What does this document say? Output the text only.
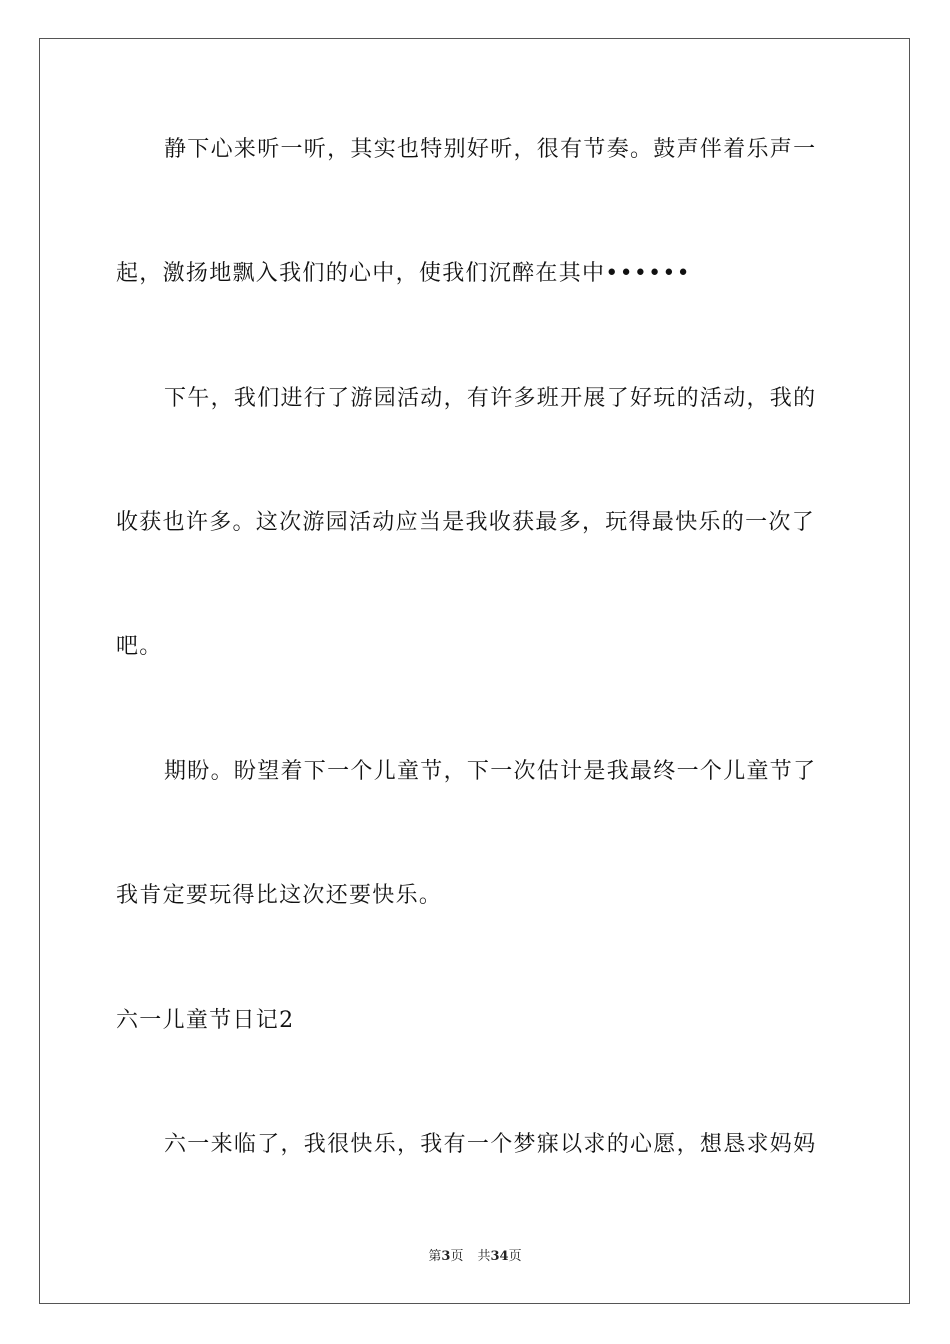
静下心来听一听，其实也特别好听，很有节奏。鼓声伴着乐声一
起，激扬地飘入我们的心中，使我们沉醉在其中••••••
下午，我们进行了游园活动，有许多班开展了好玩的活动，我的
收获也许多。这次游园活动应当是我收获最多，玩得最快乐的一次了
吧。
期盼。盼望着下一个儿童节，下一次估计是我最终一个儿童节了
我肯定要玩得比这次还要快乐。
六一儿童节日记2
六一来临了，我很快乐，我有一个梦寐以求的心愿，想恳求妈妈
第3页 共34页
